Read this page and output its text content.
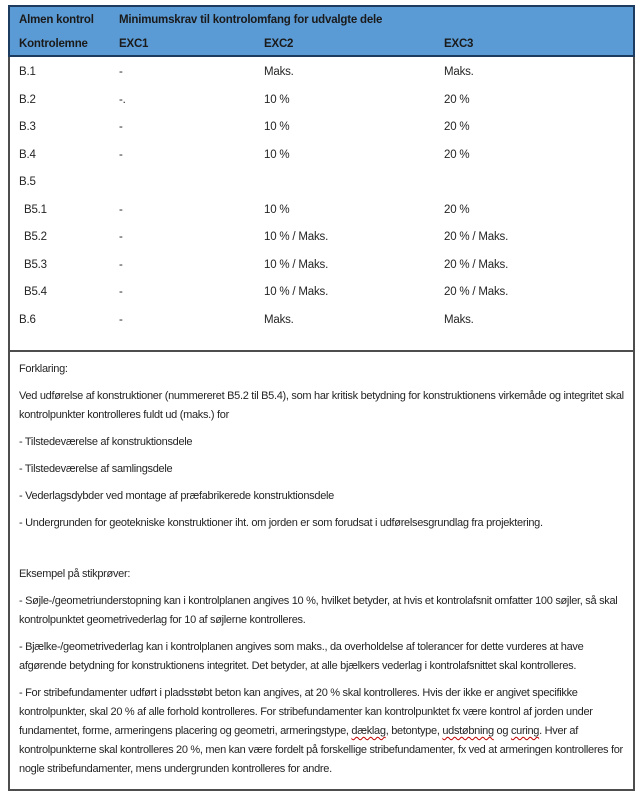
Almen kontrol	Minimumskrav til kontrolomfang for udvalgte dele
Kontrolemne	EXC1	EXC2	EXC3
B.1	-	Maks.	Maks.
B.2	-.	10 %	20 %
B.3	-	10 %	20 %
B.4	-	10 %	20 %
B.5
B5.1	-	10 %	20 %
B5.2	-	10 % / Maks.	20 % / Maks.
B5.3	-	10 % / Maks.	20 % / Maks.
B5.4	-	10 % / Maks.	20 % / Maks.
B.6	-	Maks.	Maks.

Forklaring:

Ved udførelse af konstruktioner (nummereret B5.2 til B5.4), som har kritisk betydning for konstruktionens virkemåde og integritet skal kontrolpunkter kontrolleres fuldt ud (maks.) for

- Tilstedeværelse af konstruktionsdele

- Tilstedeværelse af samlingsdele

- Vederlagsdybder ved montage af præfabrikerede konstruktionsdele

- Undergrunden for geotekniske konstruktioner iht. om jorden er som forudsat i udførelsesgrundlag fra projektering.

Eksempel på stikprøver:

- Søjle-/geometriunderstopning kan i kontrolplanen angives 10 %, hvilket betyder, at hvis et kontrolafsnit omfatter 100 søjler, så skal kontrolpunktet geometrivederlag for 10 af søjlerne kontrolleres.

- Bjælke-/geometrivederlag kan i kontrolplanen angives som maks., da overholdelse af tolerancer for dette vurderes at have afgørende betydning for konstruktionens integritet. Det betyder, at alle bjælkers vederlag i kontrolafsnittet skal kontrolleres.

- For stribefundamenter udført i pladsstøbt beton kan angives, at 20 % skal kontrolleres. Hvis der ikke er angivet specifikke kontrolpunkter, skal 20 % af alle forhold kontrolleres. For stribefundamenter kan kontrolpunktet fx være kontrol af jorden under fundamentet, forme, armeringens placering og geometri, armeringstype, dæklag, betontype, udstøbning og curing. Hver af kontrolpunkterne skal kontrolleres 20 %, men kan være fordelt på forskellige stribefundamenter, fx ved at armeringen kontrolleres for nogle stribefundamenter, mens undergrunden kontrolleres for andre.
